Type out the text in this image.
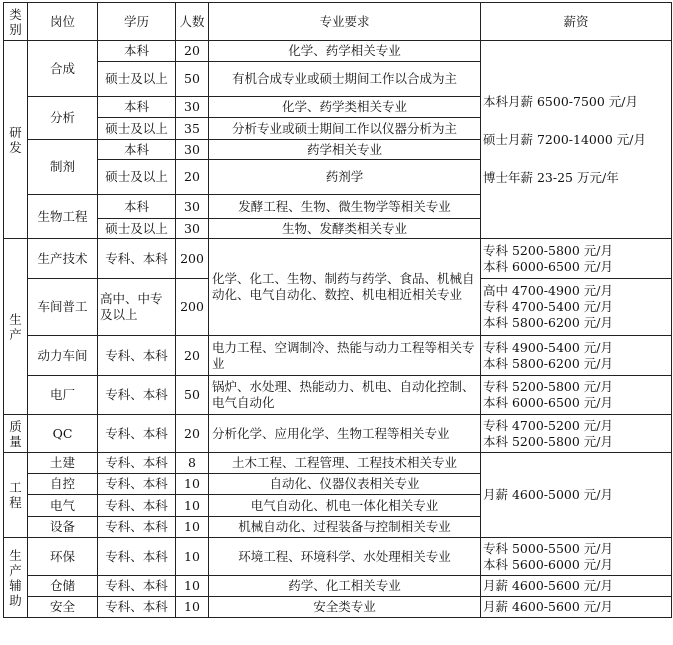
类别	岗位	学历	人数	专业要求	薪资

研发	合成	本科	20	化学、药学相关专业	本科月薪 6500-7500 元/月
硕士月薪 7200-14000 元/月
博士年薪 23-25 万元/年

		硕士及以上	50	有机合成专业或硕士期间工作以合成为主	
	分析	本科	30	化学、药学类相关专业	
		硕士及以上	35	分析专业或硕士期间工作以仪器分析为主	
	制剂	本科	30	药学相关专业	
		硕士及以上	20	药剂学	
	生物工程	本科	30	发酵工程、生物、微生物学等相关专业	
		硕士及以上	30	生物、发酵类相关专业	

生产	生产技术	专科、本科	200	化学、化工、生物、制药与药学、食品、机械自动化、电气自动化、数控、机电相近相关专业	专科 5200-5800 元/月
本科 6000-6500 元/月

	车间普工	高中、中专及以上	200		高中 4700-4900 元/月
专科 4700-5400 元/月
本科 5800-6200 元/月

	动力车间	专科、本科	20	电力工程、空调制冷、热能与动力工程等相关专业	专科 4900-5400 元/月
本科 5800-6200 元/月

	电厂	专科、本科	50	锅炉、水处理、热能动力、机电、自动化控制、电气自动化	专科 5200-5800 元/月
本科 6000-6500 元/月

质量	QC	专科、本科	20	分析化学、应用化学、生物工程等相关专业	专科 4700-5200 元/月
本科 5200-5800 元/月

工程	土建	专科、本科	8	土木工程、工程管理、工程技术相关专业	月薪 4600-5000 元/月
	自控	专科、本科	10	自动化、仪器仪表相关专业	
	电气	专科、本科	10	电气自动化、机电一体化相关专业	
	设备	专科、本科	10	机械自动化、过程装备与控制相关专业	

生产辅助	环保	专科、本科	10	环境工程、环境科学、水处理相关专业	专科 5000-5500 元/月
本科 5600-6000 元/月

	仓储	专科、本科	10	药学、化工相关专业	月薪 4600-5600 元/月
	安全	专科、本科	10	安全类专业	月薪 4600-5600 元/月
